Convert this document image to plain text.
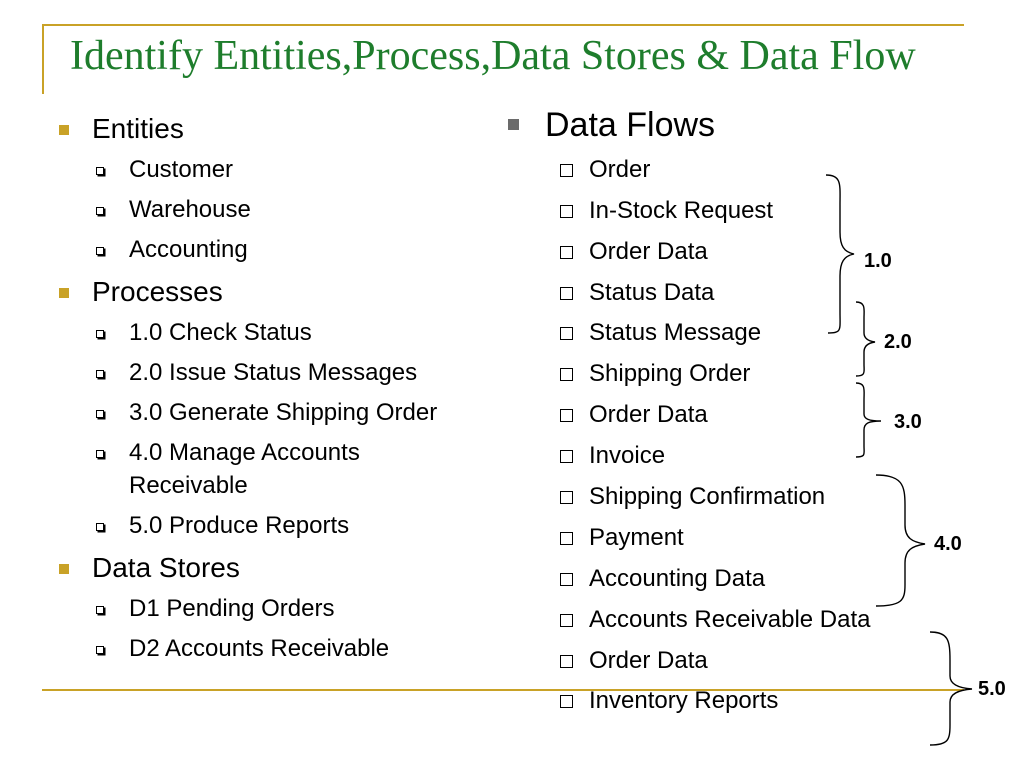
Identify Entities,Process,Data Stores & Data Flow
Entities
Customer
Warehouse
Accounting
Processes
1.0 Check Status
2.0 Issue Status Messages
3.0 Generate Shipping Order
4.0 Manage Accounts Receivable
5.0 Produce Reports
Data Stores
D1 Pending Orders
D2 Accounts Receivable
Data Flows
Order
In-Stock Request
Order Data
Status Data
Status Message
Shipping Order
Order Data
Invoice
Shipping Confirmation
Payment
Accounting Data
Accounts Receivable Data
Order Data
Inventory Reports
1.0
2.0
3.0
4.0
5.0
